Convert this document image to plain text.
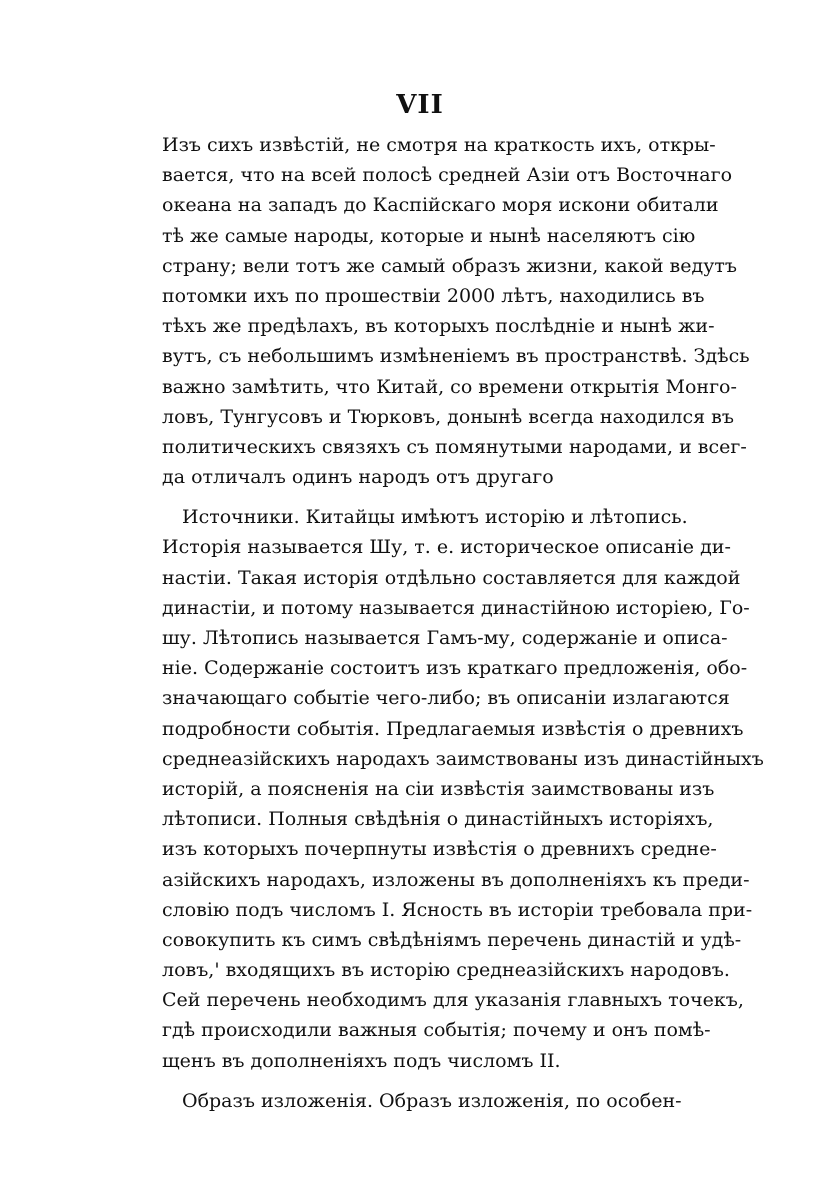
VII
Изъ сихъ извѣстій, не смотря на краткость ихъ, откры-
вается, что на всей полосѣ средней Азіи отъ Восточнаго
океана на западъ до Каспійскаго моря искони обитали
тѣ же самые народы, которые и нынѣ населяютъ сію
страну; вели тотъ же самый образъ жизни, какой ведутъ
потомки ихъ по прошествіи 2000 лѣтъ, находились въ
тѣхъ же предѣлахъ, въ которыхъ послѣдніе и нынѣ жи-
вутъ, съ небольшимъ измѣненіемъ въ пространствѣ. Здѣсь
важно замѣтить, что Китай, со времени открытія Монго-
ловъ, Тунгусовъ и Тюрковъ, донынѣ всегда находился въ
политическихъ связяхъ съ помянутыми народами, и всег-
да отличалъ одинъ народъ отъ другаго
Источники. Китайцы имѣютъ исторію и лѣтопись.
Исторія называется Шу, т. е. историческое описаніе ди-
настіи. Такая исторія отдѣльно составляется для каждой
династіи, и потому называется династійною исторіею, Го-
шу. Лѣтопись называется Гамъ-му, содержаніе и описа-
ніе. Содержаніе состоитъ изъ краткаго предложенія, обо-
значающаго событіе чего-либо; въ описаніи излагаются
подробности событія. Предлагаемыя извѣстія о древнихъ
среднеазійскихъ народахъ заимствованы изъ династійныхъ
исторій, а поясненія на сіи извѣстія заимствованы изъ
лѣтописи. Полныя свѣдѣнія о династійныхъ исторіяхъ,
изъ которыхъ почерпнуты извѣстія о древнихъ средне-
азійскихъ народахъ, изложены въ дополненіяхъ къ преди-
словію подъ числомъ I. Ясность въ исторіи требовала при-
совокупить къ симъ свѣдѣніямъ перечень династій и удѣ-
ловъ,' входящихъ въ исторію среднеазійскихъ народовъ.
Сей перечень необходимъ для указанія главныхъ точекъ,
гдѣ происходили важныя событія; почему и онъ помѣ-
щенъ въ дополненіяхъ подъ числомъ II.
Образъ изложенія. Образъ изложенія, по особен-
